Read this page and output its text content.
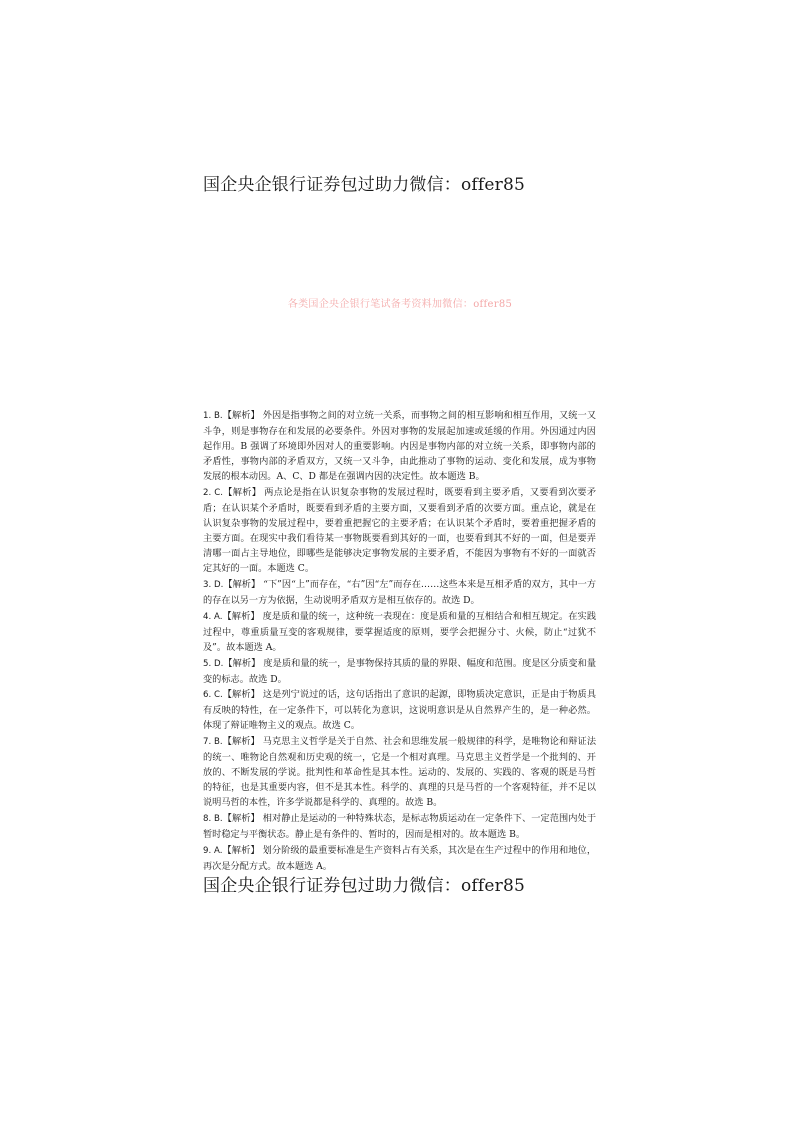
国企央企银行证券包过助力微信：offer85
各类国企央企银行笔试备考资料加微信：offer85

1. B.【解析】 外因是指事物之间的对立统一关系，而事物之间的相互影响和相互作用，又统一又斗争，则是事物存在和发展的必要条件。外因对事物的发展起加速或延缓的作用。外因通过内因起作用。B 强调了环境即外因对人的重要影响。内因是事物内部的对立统一关系，即事物内部的矛盾性，事物内部的矛盾双方，又统一又斗争，由此推动了事物的运动、变化和发展，成为事物发展的根本动因。A、C、D 都是在强调内因的决定性。故本题选 B。

2. C.【解析】 两点论是指在认识复杂事物的发展过程时，既要看到主要矛盾，又要看到次要矛盾；在认识某个矛盾时，既要看到矛盾的主要方面，又要看到矛盾的次要方面。重点论，就是在认识复杂事物的发展过程中，要着重把握它的主要矛盾；在认识某个矛盾时，要着重把握矛盾的主要方面。在现实中我们看待某一事物既要看到其好的一面，也要看到其不好的一面，但是要弄清哪一面占主导地位，即哪些是能够决定事物发展的主要矛盾，不能因为事物有不好的一面就否定其好的一面。本题选 C。

3. D.【解析】 “下”因“上”而存在，“右”因“左”而存在……这些本来是互相矛盾的双方，其中一方的存在以另一方为依据，生动说明矛盾双方是相互依存的。故选 D。

4. A.【解析】 度是质和量的统一，这种统一表现在：度是质和量的互相结合和相互规定。在实践过程中，尊重质量互变的客观规律，要掌握适度的原则，要学会把握分寸、火候，防止“过犹不及”。故本题选 A。

5. D.【解析】 度是质和量的统一，是事物保持其质的量的界限、幅度和范围。度是区分质变和量变的标志。故选 D。

6. C.【解析】 这是列宁说过的话，这句话指出了意识的起源，即物质决定意识，正是由于物质具有反映的特性，在一定条件下，可以转化为意识，这说明意识是从自然界产生的，是一种必然。体现了辩证唯物主义的观点。故选 C。

7. B.【解析】 马克思主义哲学是关于自然、社会和思维发展一般规律的科学，是唯物论和辩证法的统一、唯物论自然观和历史观的统一，它是一个相对真理。马克思主义哲学是一个批判的、开放的、不断发展的学说。批判性和革命性是其本性。运动的、发展的、实践的、客观的既是马哲的特征，也是其重要内容，但不是其本性。科学的、真理的只是马哲的一个客观特征，并不足以说明马哲的本性，许多学说都是科学的、真理的。故选 B。

8. B.【解析】 相对静止是运动的一种特殊状态，是标志物质运动在一定条件下、一定范围内处于暂时稳定与平衡状态。静止是有条件的、暂时的，因而是相对的。故本题选 B。

9. A.【解析】 划分阶级的最重要标准是生产资料占有关系，其次是在生产过程中的作用和地位，再次是分配方式。故本题选 A。

国企央企银行证券包过助力微信：offer85
